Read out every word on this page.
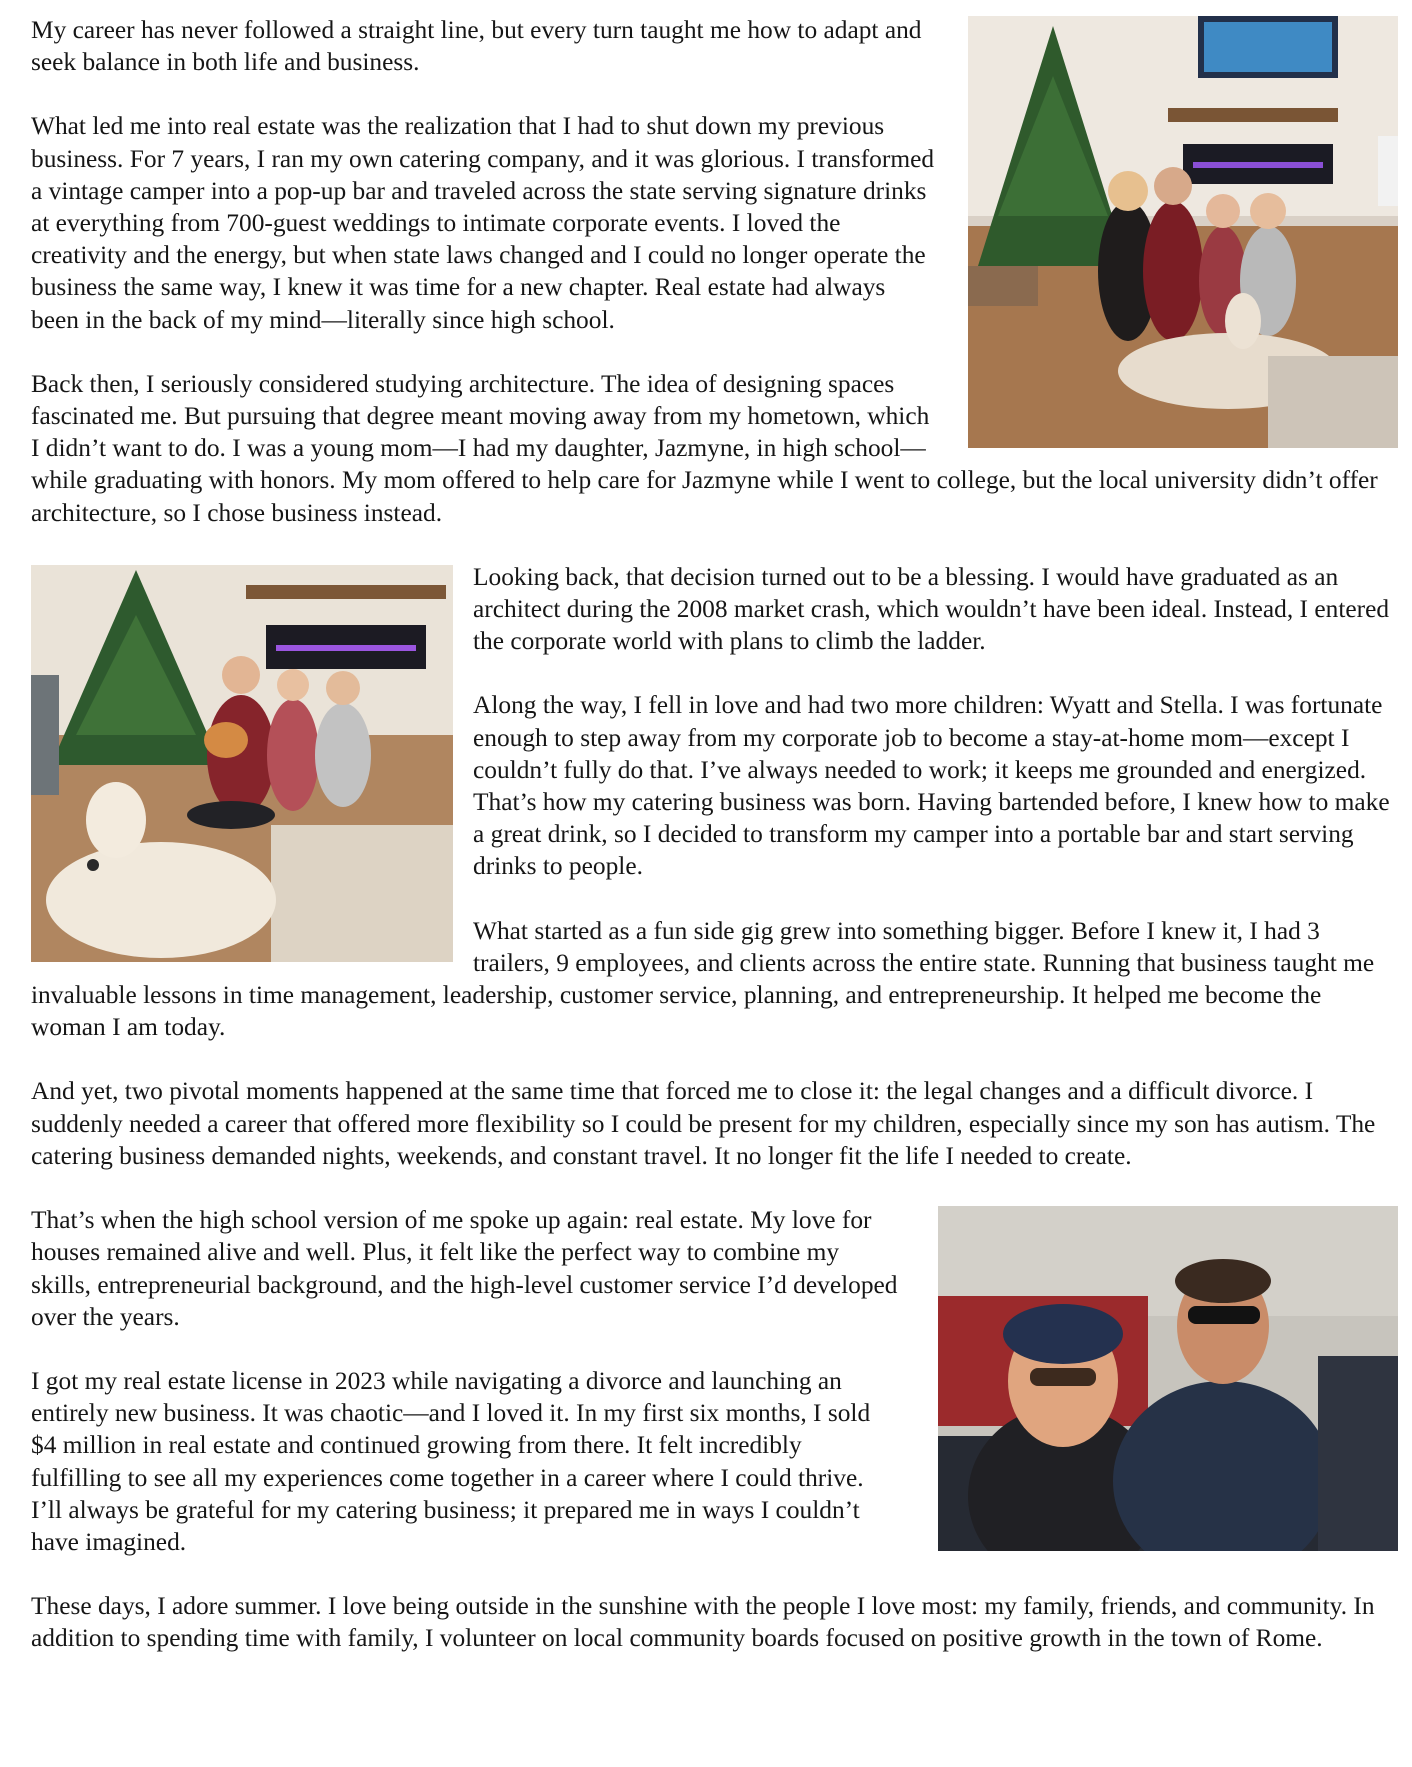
My career has never followed a straight line, but every turn taught me how to adapt and seek balance in both life and business.

What led me into real estate was the realization that I had to shut down my previous business. For 7 years, I ran my own catering company, and it was glorious. I transformed a vintage camper into a pop-up bar and traveled across the state serving signature drinks at everything from 700-guest weddings to intimate corporate events. I loved the creativity and the energy, but when state laws changed and I could no longer operate the business the same way, I knew it was time for a new chapter. Real estate had always been in the back of my mind—literally since high school.

Back then, I seriously considered studying architecture. The idea of designing spaces fascinated me. But pursuing that degree meant moving away from my hometown, which I didn’t want to do. I was a young mom—I had my daughter, Jazmyne, in high school—while graduating with honors. My mom offered to help care for Jazmyne while I went to college, but the local university didn’t offer architecture, so I chose business instead.

Looking back, that decision turned out to be a blessing. I would have graduated as an architect during the 2008 market crash, which wouldn’t have been ideal. Instead, I entered the corporate world with plans to climb the ladder.

Along the way, I fell in love and had two more children: Wyatt and Stella. I was fortunate enough to step away from my corporate job to become a stay-at-home mom—except I couldn’t fully do that. I’ve always needed to work; it keeps me grounded and energized. That’s how my catering business was born. Having bartended before, I knew how to make a great drink, so I decided to transform my camper into a portable bar and start serving drinks to people.

What started as a fun side gig grew into something bigger. Before I knew it, I had 3 trailers, 9 employees, and clients across the entire state. Running that business taught me invaluable lessons in time management, leadership, customer service, planning, and entrepreneurship. It helped me become the woman I am today.

And yet, two pivotal moments happened at the same time that forced me to close it: the legal changes and a difficult divorce. I suddenly needed a career that offered more flexibility so I could be present for my children, especially since my son has autism. The catering business demanded nights, weekends, and constant travel. It no longer fit the life I needed to create.

That’s when the high school version of me spoke up again: real estate. My love for houses remained alive and well. Plus, it felt like the perfect way to combine my skills, entrepreneurial background, and the high-level customer service I’d developed over the years.

I got my real estate license in 2023 while navigating a divorce and launching an entirely new business. It was chaotic—and I loved it. In my first six months, I sold $4 million in real estate and continued growing from there. It felt incredibly fulfilling to see all my experiences come together in a career where I could thrive. I’ll always be grateful for my catering business; it prepared me in ways I couldn’t have imagined.

These days, I adore summer. I love being outside in the sunshine with the people I love most: my family, friends, and community. In addition to spending time with family, I volunteer on local community boards focused on positive growth in the town of Rome.
